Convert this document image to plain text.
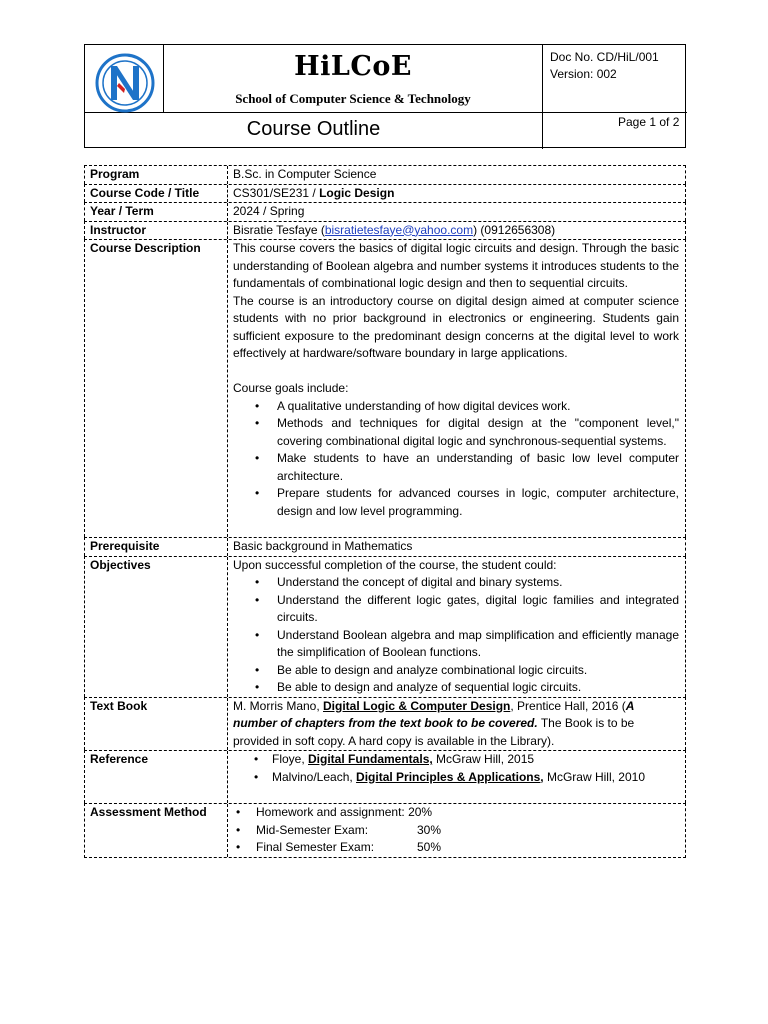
HiLCoE
School of Computer Science & Technology
Doc No. CD/HiL/001
Version: 002
Course Outline	Page 1 of 2
Program	B.Sc. in Computer Science
Course Code / Title	CS301/SE231 / Logic Design
Year / Term	2024 / Spring
Instructor	Bisratie Tesfaye (bisratietesfaye@yahoo.com) (0912656308)
Course Description	This course covers the basics of digital logic circuits and design. Through the basic understanding of Boolean algebra and number systems it introduces students to the fundamentals of combinational logic design and then to sequential circuits.

The course is an introductory course on digital design aimed at computer science students with no prior background in electronics or engineering. Students gain sufficient exposure to the predominant design concerns at the digital level to work effectively at hardware/software boundary in large applications.

Course goals include:

• A qualitative understanding of how digital devices work.
• Methods and techniques for digital design at the "component level," covering combinational digital logic and synchronous-sequential systems.
• Make students to have an understanding of basic low level computer architecture.
• Prepare students for advanced courses in logic, computer architecture, design and low level programming.
Prerequisite	Basic background in Mathematics
Objectives	Upon successful completion of the course, the student could:

• Understand the concept of digital and binary systems.
• Understand the different logic gates, digital logic families and integrated circuits.
• Understand Boolean algebra and map simplification and efficiently manage the simplification of Boolean functions.
• Be able to design and analyze combinational logic circuits.
• Be able to design and analyze of sequential logic circuits.
Text Book	M. Morris Mano, Digital Logic & Computer Design, Prentice Hall, 2016 (A number of chapters from the text book to be covered. The Book is to be provided in soft copy. A hard copy is available in the Library).
Reference	• Floye, Digital Fundamentals, McGraw Hill, 2015
• Malvino/Leach, Digital Principles & Applications, McGraw Hill, 2010
Assessment Method	• Homework and assignment: 20%
• Mid-Semester Exam:	30%
• Final Semester Exam:	50%
